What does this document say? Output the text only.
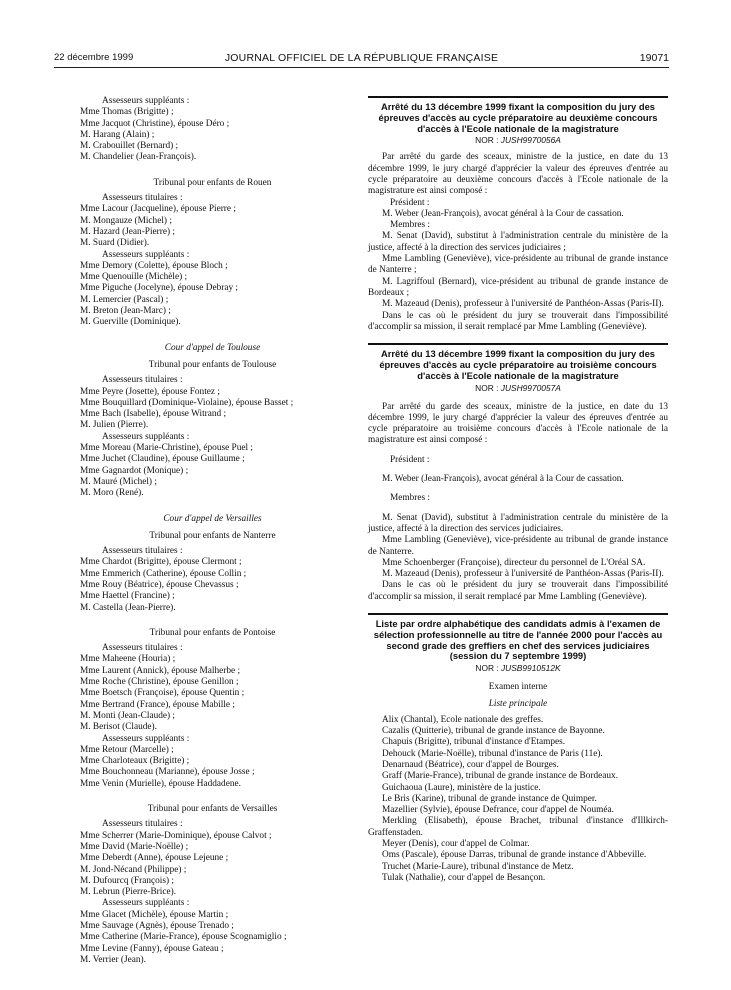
22 décembre 1999	JOURNAL OFFICIEL DE LA RÉPUBLIQUE FRANÇAISE	19071
Assesseurs suppléants :
Mme Thomas (Brigitte) ;
Mme Jacquot (Christine), épouse Déro ;
M. Harang (Alain) ;
M. Crabouillet (Bernard) ;
M. Chandelier (Jean-François).
Tribunal pour enfants de Rouen
Assesseurs titulaires :
Mme Lacour (Jacqueline), épouse Pierre ;
M. Mongauze (Michel) ;
M. Hazard (Jean-Pierre) ;
M. Suard (Didier).
Assesseurs suppléants :
Mme Demory (Colette), épouse Bloch ;
Mme Quenouille (Michèle) ;
Mme Piguche (Jocelyne), épouse Debray ;
M. Lemercier (Pascal) ;
M. Breton (Jean-Marc) ;
M. Guerville (Dominique).
Cour d'appel de Toulouse
Tribunal pour enfants de Toulouse
Assesseurs titulaires :
Mme Peyre (Josette), épouse Fontez ;
Mme Bouquillard (Dominique-Violaine), épouse Basset ;
Mme Bach (Isabelle), épouse Witrand ;
M. Julien (Pierre).
Assesseurs suppléants :
Mme Moreau (Marie-Christine), épouse Puel ;
Mme Juchet (Claudine), épouse Guillaume ;
Mme Gagnardot (Monique) ;
M. Mauré (Michel) ;
M. Moro (René).
Cour d'appel de Versailles
Tribunal pour enfants de Nanterre
Assesseurs titulaires :
Mme Chardot (Brigitte), épouse Clermont ;
Mme Emmerich (Catherine), épouse Collin ;
Mme Rouy (Béatrice), épouse Chevassus ;
Mme Haettel (Francine) ;
M. Castella (Jean-Pierre).
Tribunal pour enfants de Pontoise
Assesseurs titulaires :
Mme Maheene (Houria) ;
Mme Laurent (Annick), épouse Malherbe ;
Mme Roche (Christine), épouse Genillon ;
Mme Boetsch (Françoise), épouse Quentin ;
Mme Bertrand (France), épouse Mabille ;
M. Monti (Jean-Claude) ;
M. Berisot (Claude).
Assesseurs suppléants :
Mme Retour (Marcelle) ;
Mme Charloteaux (Brigitte) ;
Mme Bouchonneau (Marianne), épouse Josse ;
Mme Venin (Murielle), épouse Haddadene.
Tribunal pour enfants de Versailles
Assesseurs titulaires :
Mme Scherrer (Marie-Dominique), épouse Calvot ;
Mme David (Marie-Noëlle) ;
Mme Deberdt (Anne), épouse Lejeune ;
M. Jond-Nécand (Philippe) ;
M. Dufourcq (François) ;
M. Lebrun (Pierre-Brice).
Assesseurs suppléants :
Mme Glacet (Michèle), épouse Martin ;
Mme Sauvage (Agnès), épouse Trenado ;
Mme Catherine (Marie-France), épouse Scognamiglio ;
Mme Levine (Fanny), épouse Gateau ;
M. Verrier (Jean).
Arrêté du 13 décembre 1999 fixant la composition du jury des épreuves d'accès au cycle préparatoire au deuxième concours d'accès à l'Ecole nationale de la magistrature
NOR : JUSH9970056A
Par arrêté du garde des sceaux, ministre de la justice, en date du 13 décembre 1999, le jury chargé d'apprécier la valeur des épreuves d'entrée au cycle préparatoire au deuxième concours d'accès à l'Ecole nationale de la magistrature est ainsi composé :
Président :
M. Weber (Jean-François), avocat général à la Cour de cassation.
Membres :
M. Senat (David), substitut à l'administration centrale du ministère de la justice, affecté à la direction des services judiciaires ;
Mme Lambling (Geneviève), vice-présidente au tribunal de grande instance de Nanterre ;
M. Lagriffoul (Bernard), vice-président au tribunal de grande instance de Bordeaux ;
M. Mazeaud (Denis), professeur à l'université de Panthéon-Assas (Paris-II).
Dans le cas où le président du jury se trouverait dans l'impossibilité d'accomplir sa mission, il serait remplacé par Mme Lambling (Geneviève).
Arrêté du 13 décembre 1999 fixant la composition du jury des épreuves d'accès au cycle préparatoire au troisième concours d'accès à l'Ecole nationale de la magistrature
NOR : JUSH9970057A
Par arrêté du garde des sceaux, ministre de la justice, en date du 13 décembre 1999, le jury chargé d'apprécier la valeur des épreuves d'entrée au cycle préparatoire au troisième concours d'accès à l'Ecole nationale de la magistrature est ainsi composé :
Président :
M. Weber (Jean-François), avocat général à la Cour de cassation.
Membres :
M. Senat (David), substitut à l'administration centrale du ministère de la justice, affecté à la direction des services judiciaires.
Mme Lambling (Geneviève), vice-présidente au tribunal de grande instance de Nanterre.
Mme Schoenberger (Françoise), directeur du personnel de L'Oréal SA.
M. Mazeaud (Denis), professeur à l'université de Panthéon-Assas (Paris-II).
Dans le cas où le président du jury se trouverait dans l'impossibilité d'accomplir sa mission, il serait remplacé par Mme Lambling (Geneviève).
Liste par ordre alphabétique des candidats admis à l'examen de sélection professionnelle au titre de l'année 2000 pour l'accès au second grade des greffiers en chef des services judiciaires (session du 7 septembre 1999)
NOR : JUSB9910512K
Examen interne
Liste principale
Alix (Chantal), Ecole nationale des greffes.
Cazalis (Quitterie), tribunal de grande instance de Bayonne.
Chapuis (Brigitte), tribunal d'instance d'Etampes.
Dehouck (Marie-Noëlle), tribunal d'instance de Paris (11e).
Denarnaud (Béatrice), cour d'appel de Bourges.
Graff (Marie-France), tribunal de grande instance de Bordeaux.
Guichaoua (Laure), ministère de la justice.
Le Bris (Karine), tribunal de grande instance de Quimper.
Mazellier (Sylvie), épouse Defrance, cour d'appel de Nouméa.
Merkling (Elisabeth), épouse Brachet, tribunal d'instance d'Illkirch-Graffenstaden.
Meyer (Denis), cour d'appel de Colmar.
Oms (Pascale), épouse Darras, tribunal de grande instance d'Abbeville.
Truchet (Marie-Laure), tribunal d'instance de Metz.
Tulak (Nathalie), cour d'appel de Besançon.
